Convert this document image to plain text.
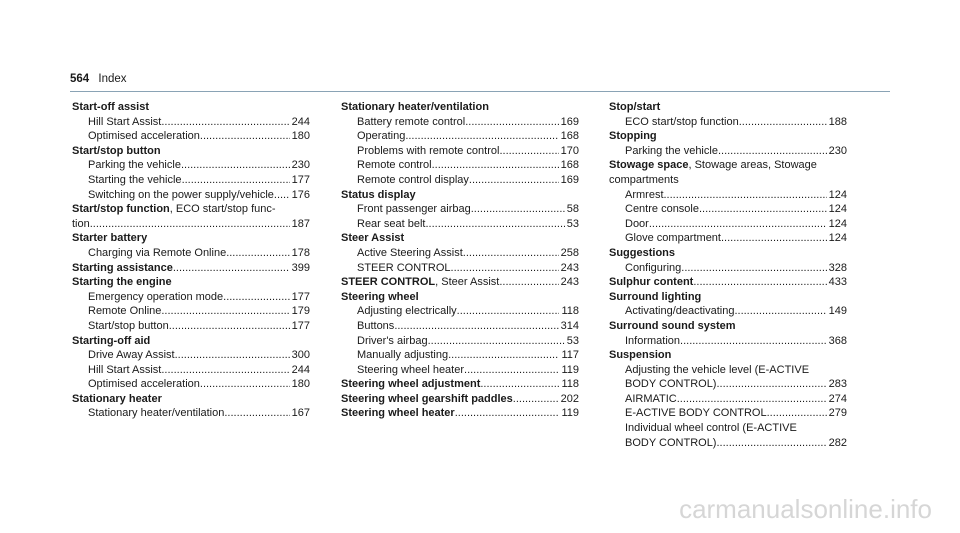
564 Index
Start-off assist
Hill Start Assist .....	244
Optimised acceleration .....	180
Start/stop button
Parking the vehicle .....	230
Starting the vehicle .....	177
Switching on the power supply/vehicle ..... 176
Start/stop function, ECO start/stop func-
tion .....	187
Starter battery
Charging via Remote Online .....	178
Starting assistance .....	399
Starting the engine
Emergency operation mode .....	177
Remote Online .....	179
Start/stop button .....	177
Starting-off aid
Drive Away Assist .....	300
Hill Start Assist .....	244
Optimised acceleration .....	180
Stationary heater
Stationary heater/ventilation .....	167
Stationary heater/ventilation
Battery remote control .....	169
Operating .....	168
Problems with remote control .....	170
Remote control .....	168
Remote control display .....	169
Status display
Front passenger airbag .....	58
Rear seat belt .....	53
Steer Assist
Active Steering Assist .....	258
STEER CONTROL .....	243
STEER CONTROL, Steer Assist .....	243
Steering wheel
Adjusting electrically .....	118
Buttons .....	314
Driver's airbag .....	53
Manually adjusting .....	117
Steering wheel heater .....	119
Steering wheel adjustment .....	118
Steering wheel gearshift paddles .....	202
Steering wheel heater .....	119
Stop/start
ECO start/stop function .....	188
Stopping
Parking the vehicle .....	230
Stowage space, Stowage areas, Stowage
compartments
Armrest .....	124
Centre console .....	124
Door .....	124
Glove compartment .....	124
Suggestions
Configuring .....	328
Sulphur content .....	433
Surround lighting
Activating/deactivating .....	149
Surround sound system
Information .....	368
Suspension
Adjusting the vehicle level (E-ACTIVE
BODY CONTROL) .....	283
AIRMATIC .....	274
E-ACTIVE BODY CONTROL .....	279
Individual wheel control (E-ACTIVE
BODY CONTROL) .....	282
carmanualsonline.info
